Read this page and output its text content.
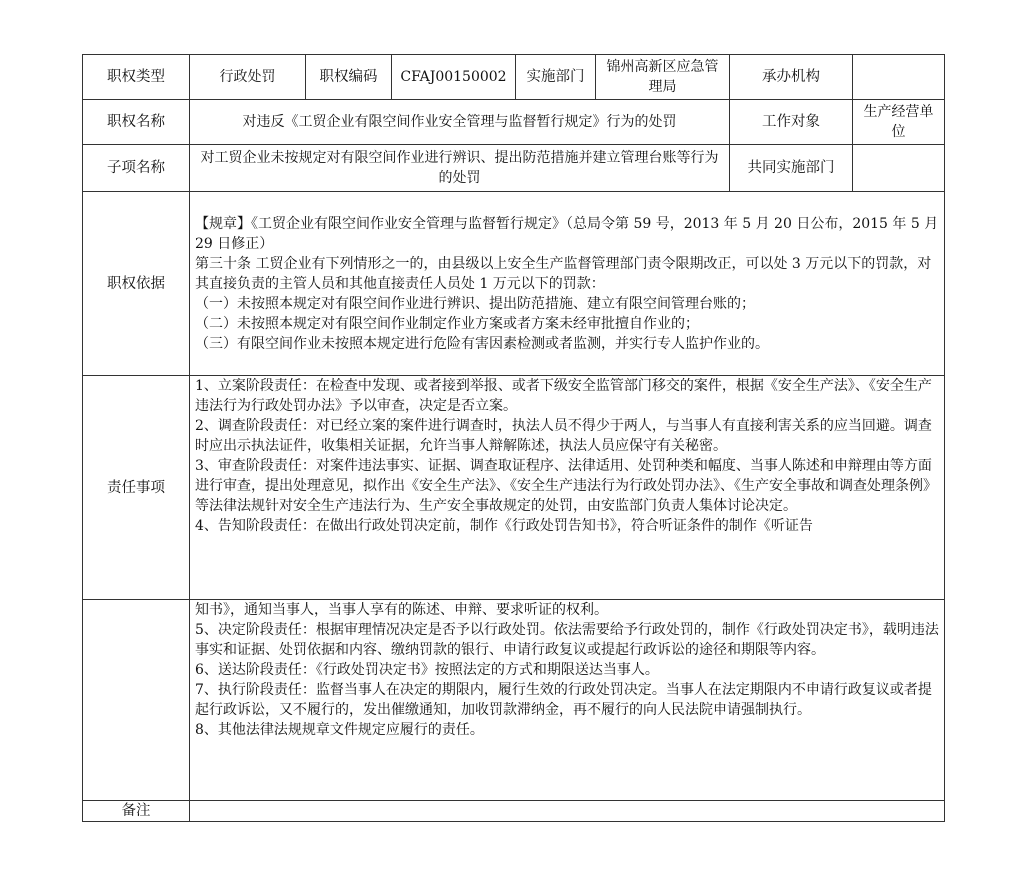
职权类型	行政处罚	职权编码	CFAJ00150002	实施部门	锦州高新区应急管理局	承办机构	
职权名称	对违反《工贸企业有限空间作业安全管理与监督暂行规定》行为的处罚					工作对象	生产经营单位
子项名称	对工贸企业未按规定对有限空间作业进行辨识、提出防范措施并建立管理台账等行为的处罚					共同实施部门	
职权依据	【规章】《工贸企业有限空间作业安全管理与监督暂行规定》（总局令第 59 号，2013 年 5 月 20 日公布，2015 年 5 月 29 日修正）
第三十条 工贸企业有下列情形之一的，由县级以上安全生产监督管理部门责令限期改正，可以处 3 万元以下的罚款，对其直接负责的主管人员和其他直接责任人员处 1 万元以下的罚款：
（一）未按照本规定对有限空间作业进行辨识、提出防范措施、建立有限空间管理台账的；
（二）未按照本规定对有限空间作业制定作业方案或者方案未经审批擅自作业的；
（三）有限空间作业未按照本规定进行危险有害因素检测或者监测，并实行专人监护作业的。						

责任事项	1、立案阶段责任：在检查中发现、或者接到举报、或者下级安全监管部门移交的案件，根据《安全生产法》、《安全生产违法行为行政处罚办法》予以审查，决定是否立案。
2、调查阶段责任：对已经立案的案件进行调查时，执法人员不得少于两人，与当事人有直接利害关系的应当回避。调查时应出示执法证件，收集相关证据，允许当事人辩解陈述，执法人员应保守有关秘密。
3、审查阶段责任：对案件违法事实、证据、调查取证程序、法律适用、处罚种类和幅度、当事人陈述和申辩理由等方面进行审查，提出处理意见，拟作出《安全生产法》、《安全生产违法行为行政处罚办法》、《生产安全事故和调查处理条例》等法律法规针对安全生产违法行为、生产安全事故规定的处罚，由安监部门负责人集体讨论决定。
4、告知阶段责任：在做出行政处罚决定前，制作《行政处罚告知书》，符合听证条件的制作《听证告						

	知书》，通知当事人，当事人享有的陈述、申辩、要求听证的权利。
5、决定阶段责任：根据审理情况决定是否予以行政处罚。依法需要给予行政处罚的，制作《行政处罚决定书》，载明违法事实和证据、处罚依据和内容、缴纳罚款的银行、申请行政复议或提起行政诉讼的途径和期限等内容。
6、送达阶段责任：《行政处罚决定书》按照法定的方式和期限送达当事人。
7、执行阶段责任：监督当事人在决定的期限内，履行生效的行政处罚决定。当事人在法定期限内不申请行政复议或者提起行政诉讼，又不履行的，发出催缴通知，加收罚款滞纳金，再不履行的向人民法院申请强制执行。
8、其他法律法规规章文件规定应履行的责任。

备注	
